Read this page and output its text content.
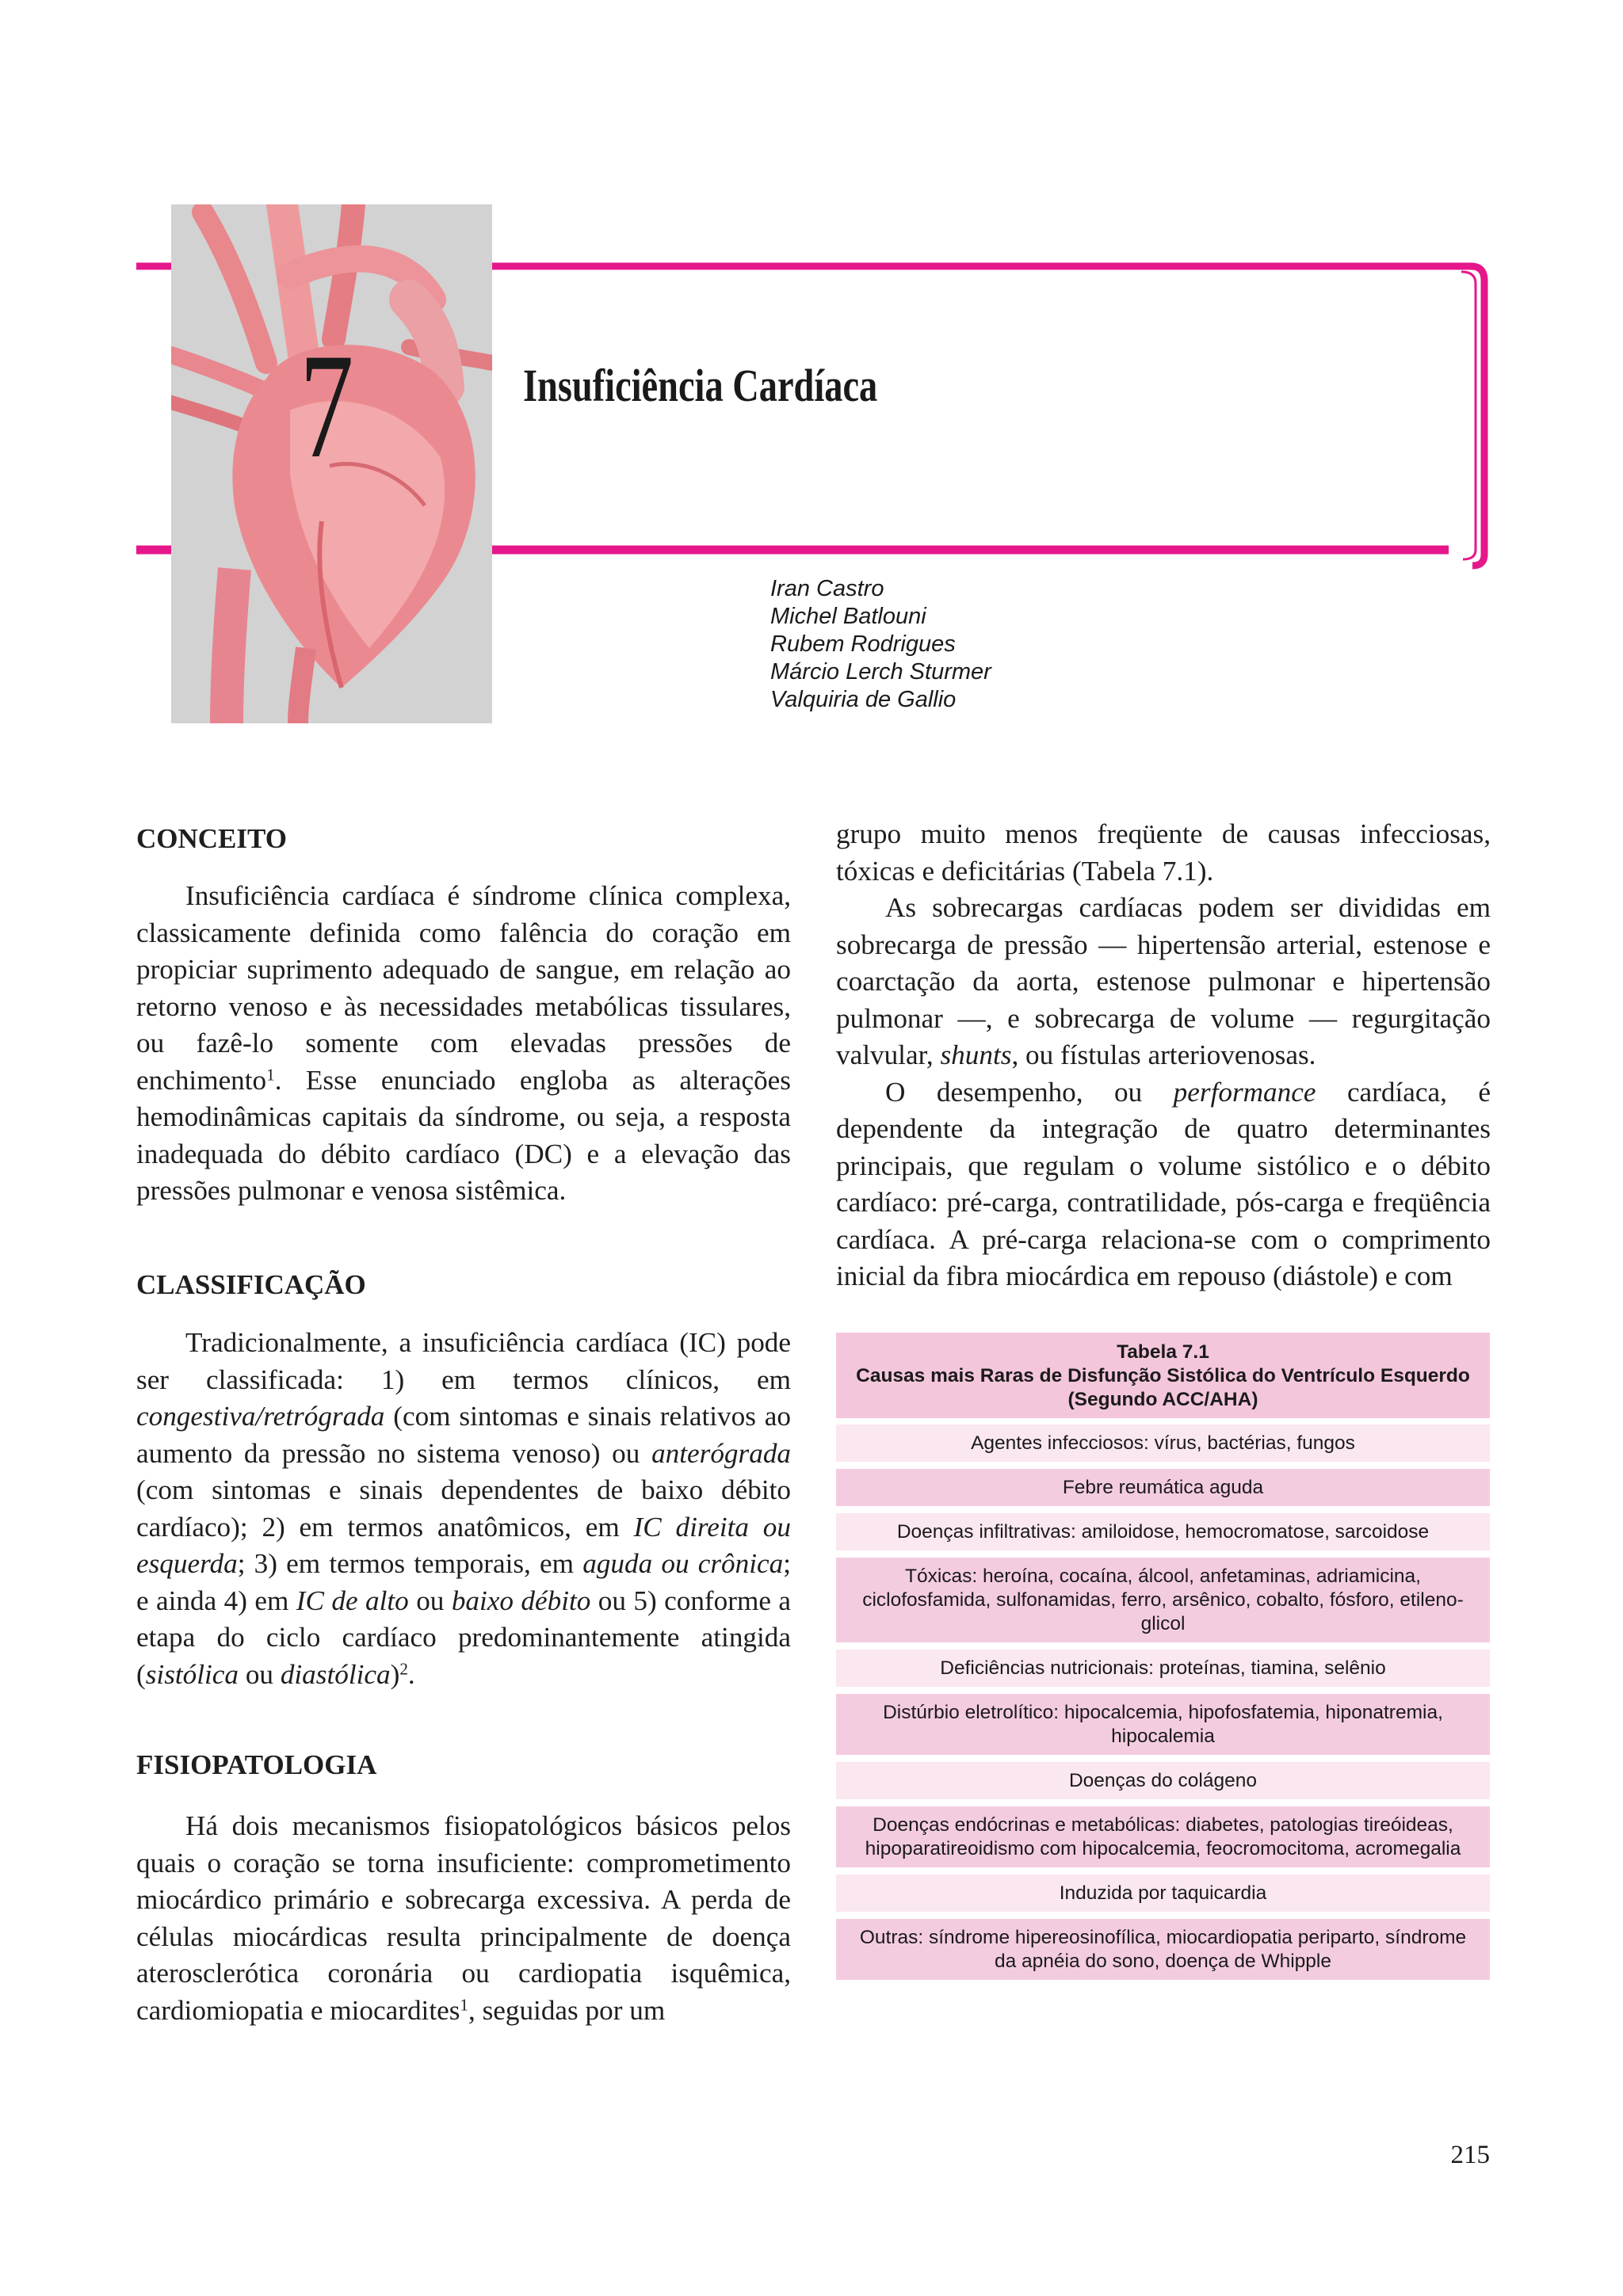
7	Insuficiência Cardíaca
Iran Castro
Michel Batlouni
Rubem Rodrigues
Márcio Lerch Sturmer
Valquiria de Gallio
CONCEITO

Insuficiência cardíaca é síndrome clínica complexa, classicamente definida como falência do coração em propiciar suprimento adequado de sangue, em relação ao retorno venoso e às necessidades metabólicas tissulares, ou fazê-lo somente com elevadas pressões de enchimento$^1$. Esse enunciado engloba as alterações hemodinâmicas capitais da síndrome, ou seja, a resposta inadequada do débito cardíaco (DC) e a elevação das pressões pulmonar e venosa sistêmica.

CLASSIFICAÇÃO

Tradicionalmente, a insuficiência cardíaca (IC) pode ser classificada: 1) em termos clínicos, em congestiva/retrógrada (com sintomas e sinais relativos ao aumento da pressão no sistema venoso) ou anterógrada (com sintomas e sinais dependentes de baixo débito cardíaco); 2) em termos anatômicos, em IC direita ou esquerda; 3) em termos temporais, em aguda ou crônica; e ainda 4) em IC de alto ou baixo débito ou 5) conforme a etapa do ciclo cardíaco predominantemente atingida (sistólica ou diastólica)$^2$.

FISIOPATOLOGIA

Há dois mecanismos fisiopatológicos básicos pelos quais o coração se torna insuficiente: comprometimento miocárdico primário e sobrecarga excessiva. A perda de células miocárdicas resulta principalmente de doença aterosclerótica coronária ou cardiopatia isquêmica, cardiomiopatia e miocardites$^1$, seguidas por um

grupo muito menos freqüente de causas infecciosas, tóxicas e deficitárias (Tabela 7.1).

As sobrecargas cardíacas podem ser divididas em sobrecarga de pressão — hipertensão arterial, estenose e coarctação da aorta, estenose pulmonar e hipertensão pulmonar —, e sobrecarga de volume — regurgitação valvular, shunts, ou fístulas arteriovenosas.

O desempenho, ou performance cardíaca, é dependente da integração de quatro determinantes principais, que regulam o volume sistólico e o débito cardíaco: pré-carga, contratilidade, pós-carga e freqüência cardíaca. A pré-carga relaciona-se com o comprimento inicial da fibra miocárdica em repouso (diástole) e com

Tabela 7.1
Causas mais Raras de Disfunção Sistólica do Ventrículo Esquerdo (Segundo ACC/AHA)
Agentes infecciosos: vírus, bactérias, fungos
Febre reumática aguda
Doenças infiltrativas: amiloidose, hemocromatose, sarcoidose
Tóxicas: heroína, cocaína, álcool, anfetaminas, adriamicina, ciclofosfamida, sulfonamidas, ferro, arsênico, cobalto, fósforo, etileno-glicol
Deficiências nutricionais: proteínas, tiamina, selênio
Distúrbio eletrolítico: hipocalcemia, hipofosfatemia, hiponatremia, hipocalemia
Doenças do colágeno
Doenças endócrinas e metabólicas: diabetes, patologias tireóideas, hipoparatireoidismo com hipocalcemia, feocromocitoma, acromegalia
Induzida por taquicardia
Outras: síndrome hipereosinofílica, miocardiopatia periparto, síndrome da apnéia do sono, doença de Whipple
215
